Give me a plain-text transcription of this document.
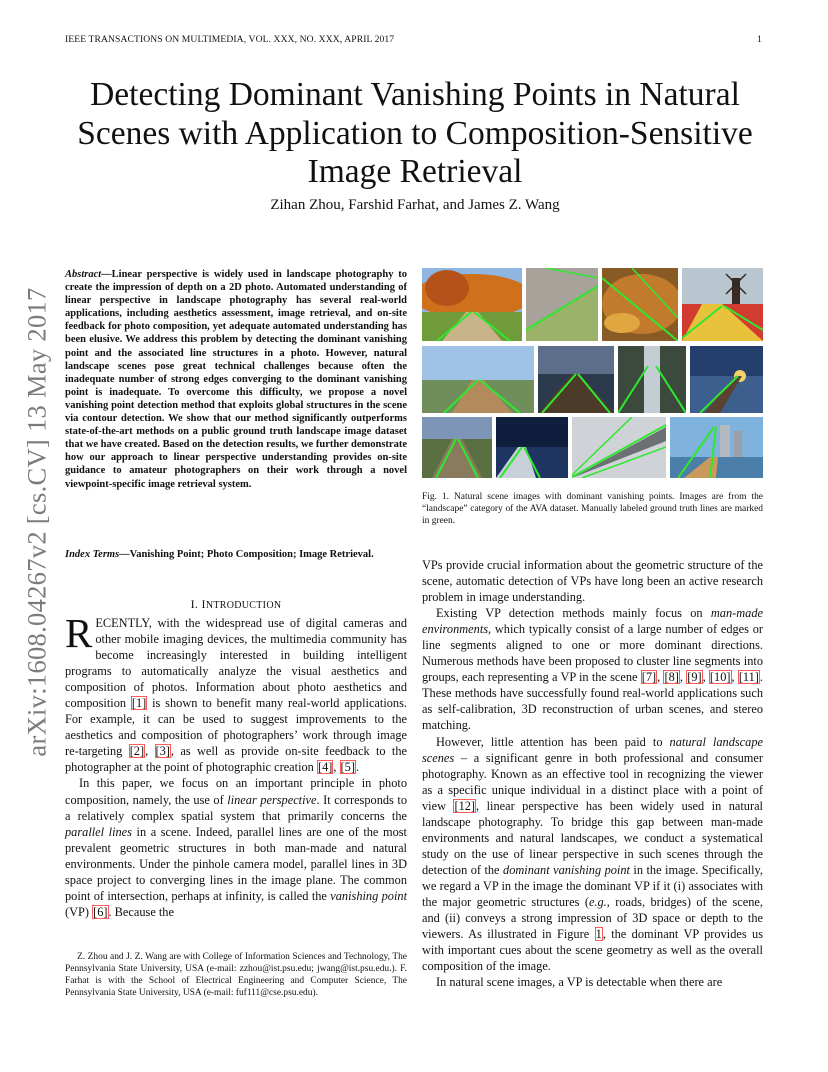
IEEE TRANSACTIONS ON MULTIMEDIA, VOL. XXX, NO. XXX, APRIL 2017	1
Detecting Dominant Vanishing Points in Natural
Scenes with Application to Composition-Sensitive
Image Retrieval
Zihan Zhou, Farshid Farhat, and James Z. Wang
arXiv:1608.04267v2 [cs.CV] 13 May 2017
Abstract—Linear perspective is widely used in landscape photography to create the impression of depth on a 2D photo. Automated understanding of linear perspective in landscape photography has several real-world applications, including aesthetics assessment, image retrieval, and on-site feedback for photo composition, yet adequate automated understanding has been elusive. We address this problem by detecting the dominant vanishing point and the associated line structures in a photo. However, natural landscape scenes pose great technical challenges because often the inadequate number of strong edges converging to the dominant vanishing point is inadequate. To overcome this difficulty, we propose a novel vanishing point detection method that exploits global structures in the scene via contour detection. We show that our method significantly outperforms state-of-the-art methods on a public ground truth landscape image dataset that we have created. Based on the detection results, we further demonstrate how our approach to linear perspective understanding provides on-site guidance to amateur photographers on their work through a novel viewpoint-specific image retrieval system.
Index Terms—Vanishing Point; Photo Composition; Image Retrieval.
I. INTRODUCTION

RECENTLY, with the widespread use of digital cameras and other mobile imaging devices, the multimedia community has become increasingly interested in building intelligent programs to automatically analyze the visual aesthetics and composition of photos. Information about photo aesthetics and composition [1] is shown to benefit many real-world applications. For example, it can be used to suggest improvements to the aesthetics and composition of photographers’ work through image re-targeting [2], [3], as well as provide on-site feedback to the photographer at the point of photographic creation [4], [5].

In this paper, we focus on an important principle in photo composition, namely, the use of linear perspective. It corresponds to a relatively complex spatial system that primarily concerns the parallel lines in a scene. Indeed, parallel lines are one of the most prevalent geometric structures in both man-made and natural environments. Under the pinhole camera model, parallel lines in 3D space project to converging lines in the image plane. The common point of intersection, perhaps at infinity, is called the vanishing point (VP) [6]. Because the

Z. Zhou and J. Z. Wang are with College of Information Sciences and Technology, The Pennsylvania State University, USA (e-mail: zzhou@ist.psu.edu; jwang@ist.psu.edu.). F. Farhat is with the School of Electrical Engineering and Computer Science, The Pennsylvania State University, USA (e-mail: fuf111@cse.psu.edu).

Fig. 1. Natural scene images with dominant vanishing points. Images are from the “landscape” category of the AVA dataset. Manually labeled ground truth lines are marked in green.

VPs provide crucial information about the geometric structure of the scene, automatic detection of VPs have long been an active research problem in image understanding.

Existing VP detection methods mainly focus on man-made environments, which typically consist of a large number of edges or line segments aligned to one or more dominant directions. Numerous methods have been proposed to cluster line segments into groups, each representing a VP in the scene [7], [8], [9], [10], [11]. These methods have successfully found real-world applications such as self-calibration, 3D reconstruction of urban scenes, and stereo matching.

However, little attention has been paid to natural landscape scenes – a significant genre in both professional and consumer photography. Known as an effective tool in recognizing the viewer as a specific unique individual in a distinct place with a point of view [12], linear perspective has been widely used in natural landscape photography. To bridge this gap between man-made environments and natural landscapes, we conduct a systematical study on the use of linear perspective in such scenes through the detection of the dominant vanishing point in the image. Specifically, we regard a VP in the image the dominant VP if it (i) associates with the major geometric structures (e.g., roads, bridges) of the scene, and (ii) conveys a strong impression of 3D space or depth to the viewers. As illustrated in Figure 1, the dominant VP provides us with important cues about the scene geometry as well as the overall composition of the image.

In natural scene images, a VP is detectable when there are
